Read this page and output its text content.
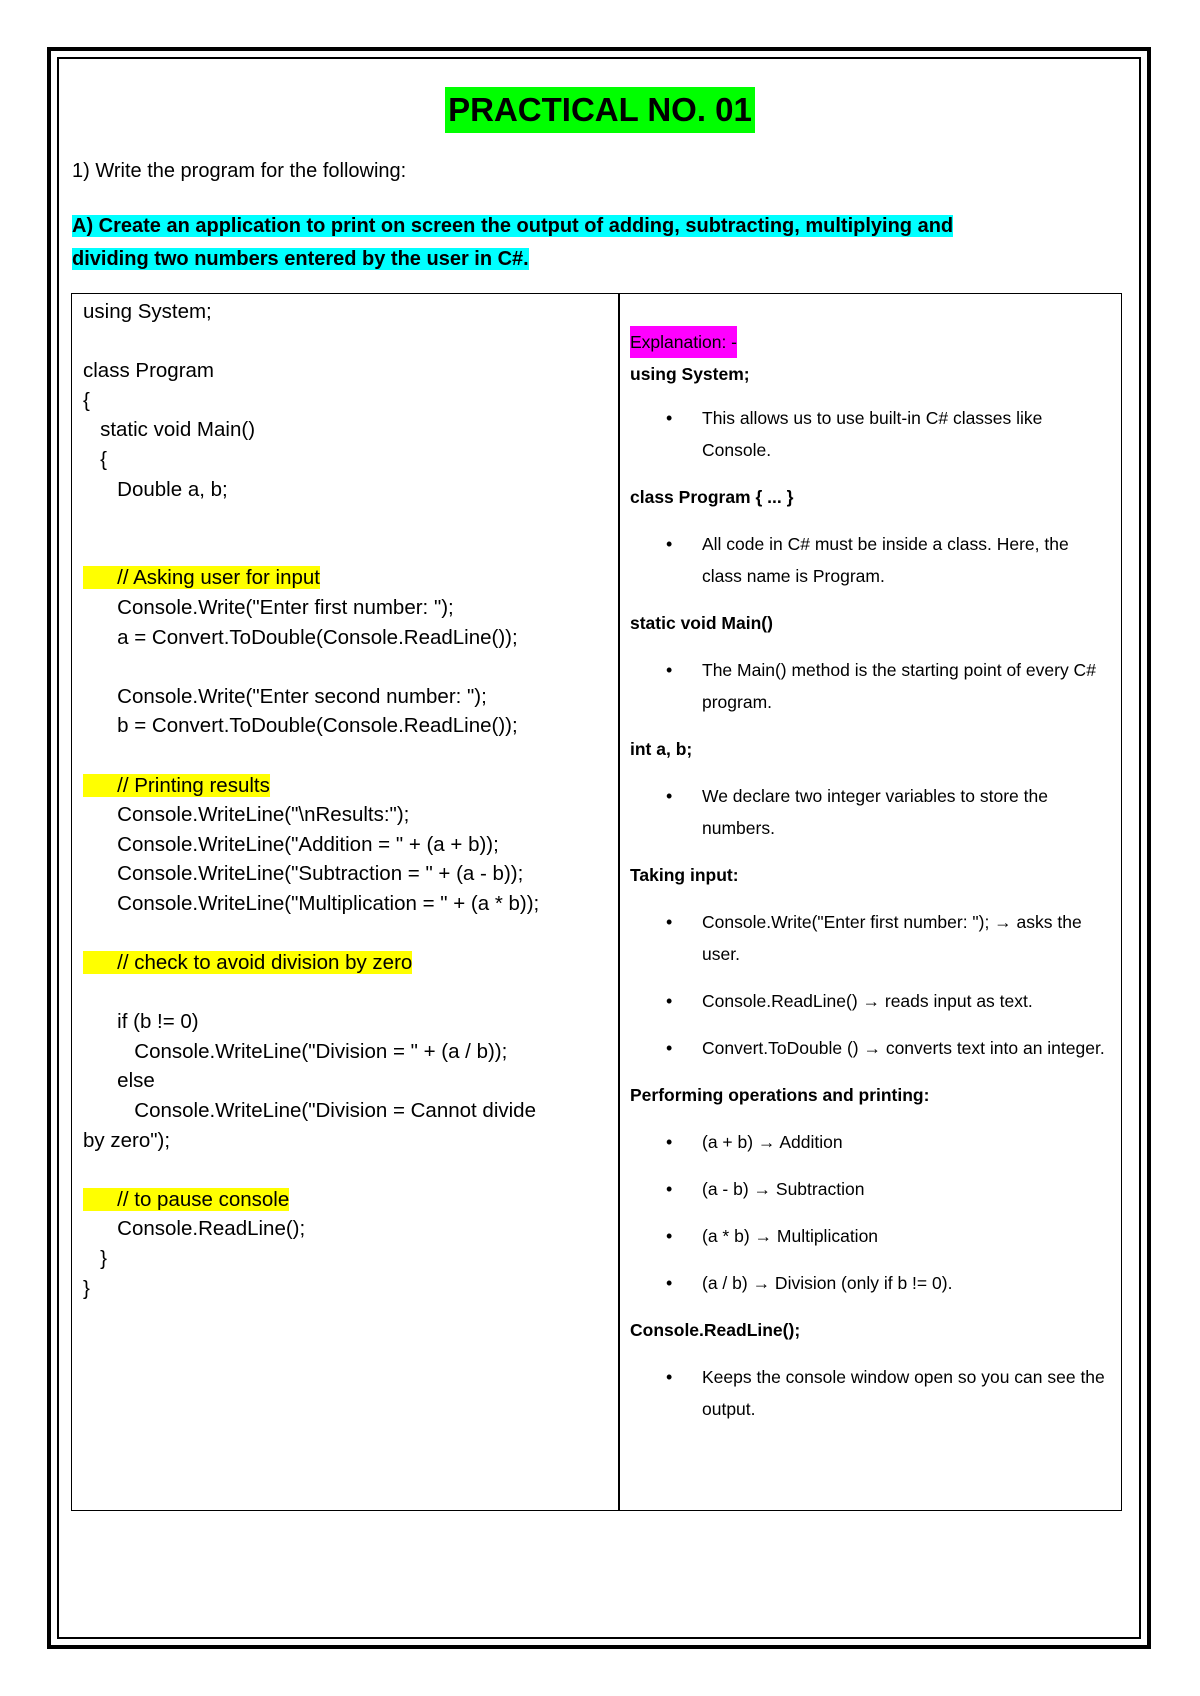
PRACTICAL NO. 01
1) Write the program for the following:
A) Create an application to print on screen the output of adding, subtracting, multiplying and dividing two numbers entered by the user in C#.
using System;
class Program
{
static void Main()
{
Double a, b;
// Asking user for input
Console.Write("Enter first number: ");
a = Convert.ToDouble(Console.ReadLine());
Console.Write("Enter second number: ");
b = Convert.ToDouble(Console.ReadLine());
// Printing results
Console.WriteLine("\nResults:");
Console.WriteLine("Addition = " + (a + b));
Console.WriteLine("Subtraction = " + (a - b));
Console.WriteLine("Multiplication = " + (a * b));
// check to avoid division by zero
if (b != 0)
Console.WriteLine("Division = " + (a / b));
else
Console.WriteLine("Division = Cannot divide
by zero");
// to pause console
Console.ReadLine();
}
}
Explanation: -
using System;
• This allows us to use built-in C# classes like Console.
class Program { ... }
• All code in C# must be inside a class. Here, the class name is Program.
static void Main()
• The Main() method is the starting point of every C# program.
int a, b;
• We declare two integer variables to store the numbers.
Taking input:
• Console.Write("Enter first number: "); → asks the user.
• Console.ReadLine() → reads input as text.
• Convert.ToDouble () → converts text into an integer.
Performing operations and printing:
• (a + b) → Addition
• (a - b) → Subtraction
• (a * b) → Multiplication
• (a / b) → Division (only if b != 0).
Console.ReadLine();
• Keeps the console window open so you can see the output.
